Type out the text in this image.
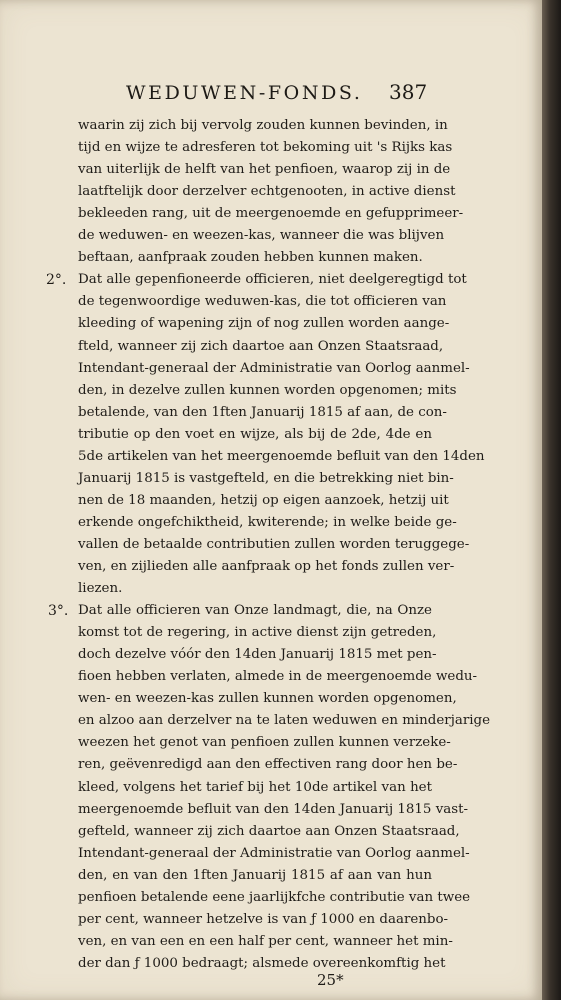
WEDUWEN-FONDS.	387
2°.
3°.
waarin zij zich bij vervolg zouden kunnen bevinden, in
tijd en wijze te adresferen tot bekoming uit 's Rijks kas
van uiterlijk de helft van het penfioen, waarop zij in de
laatftelijk door derzelver echtgenooten, in active dienst
bekleeden rang, uit de meergenoemde en gefupprimeer-
de weduwen- en weezen-kas, wanneer die was blijven
beftaan, aanfpraak zouden hebben kunnen maken.
Dat alle gepenfioneerde officieren, niet deelgeregtigd tot
de tegenwoordige weduwen-kas, die tot officieren van
kleeding of wapening zijn of nog zullen worden aange-
fteld, wanneer zij zich daartoe aan Onzen Staatsraad,
Intendant-generaal der Administratie van Oorlog aanmel-
den, in dezelve zullen kunnen worden opgenomen; mits
betalende, van den 1ften Januarij 1815 af aan, de con-
tributie op den voet en wijze, als bij de 2de, 4de en
5de artikelen van het meergenoemde befluit van den 14den
Januarij 1815 is vastgefteld, en die betrekking niet bin-
nen de 18 maanden, hetzij op eigen aanzoek, hetzij uit
erkende ongefchiktheid, kwiterende; in welke beide ge-
vallen de betaalde contributien zullen worden teruggege-
ven, en zijlieden alle aanfpraak op het fonds zullen ver-
liezen.
Dat alle officieren van Onze landmagt, die, na Onze
komst tot de regering, in active dienst zijn getreden,
doch dezelve vóór den 14den Januarij 1815 met pen-
fioen hebben verlaten, almede in de meergenoemde wedu-
wen- en weezen-kas zullen kunnen worden opgenomen,
en alzoo aan derzelver na te laten weduwen en minderjarige
weezen het genot van penfioen zullen kunnen verzeke-
ren, geëvenredigd aan den effectiven rang door hen be-
kleed, volgens het tarief bij het 10de artikel van het
meergenoemde befluit van den 14den Januarij 1815 vast-
gefteld, wanneer zij zich daartoe aan Onzen Staatsraad,
Intendant-generaal der Administratie van Oorlog aanmel-
den, en van den 1ften Januarij 1815 af aan van hun
penfioen betalende eene jaarlijkfche contributie van twee
per cent, wanneer hetzelve is van ƒ 1000 en daarenbo-
ven, en van een en een half per cent, wanneer het min-
der dan ƒ 1000 bedraagt; alsmede overeenkomftig het
25*
